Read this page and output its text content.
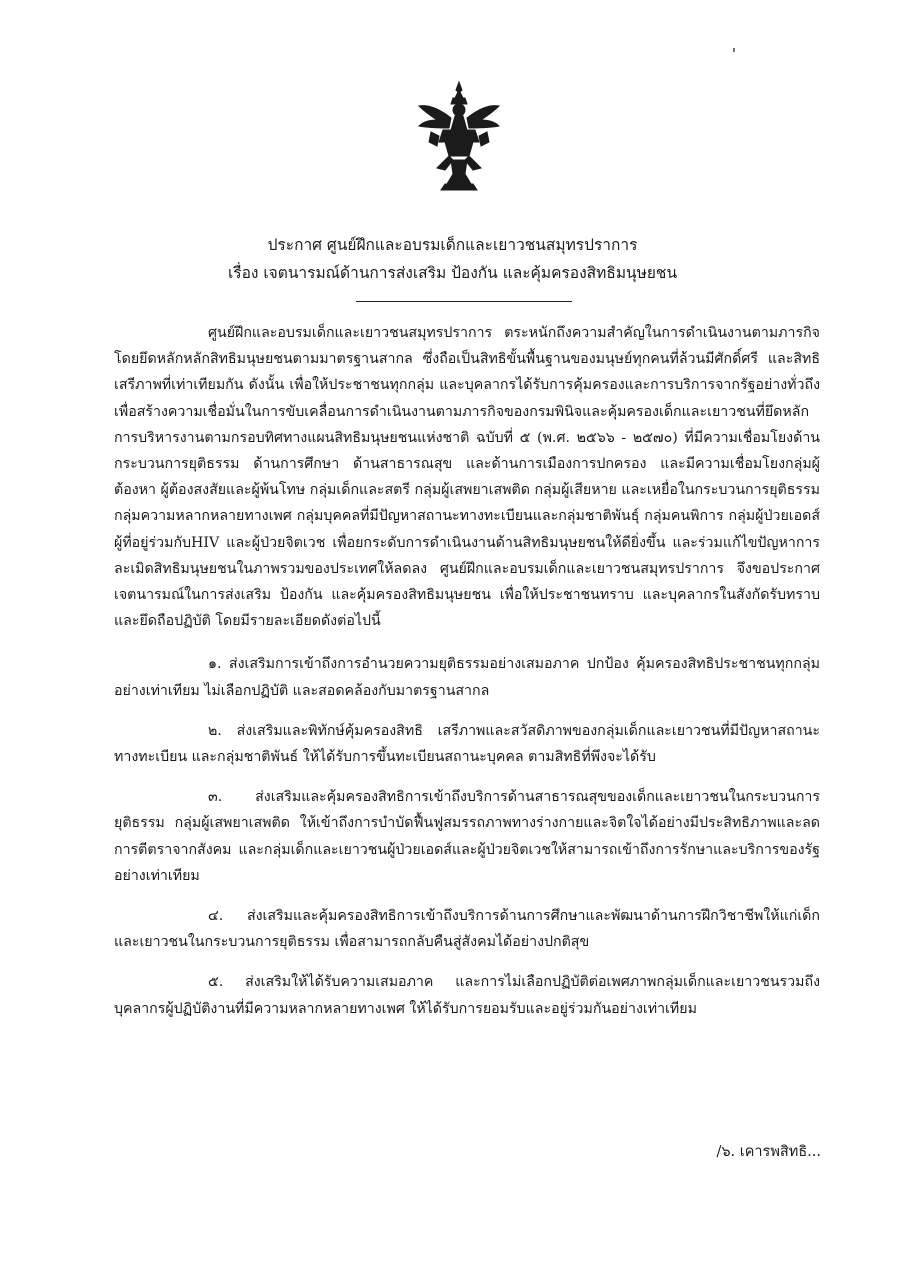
ประกาศ ศูนย์ฝึกและอบรมเด็กและเยาวชนสมุทรปราการ
เรื่อง เจตนารมณ์ด้านการส่งเสริม ป้องกัน และคุ้มครองสิทธิมนุษยชน

ศูนย์ฝึกและอบรมเด็กและเยาวชนสมุทรปราการ ตระหนักถึงความสำคัญในการดำเนินงานตามภารกิจโดยยึดหลักหลักสิทธิมนุษยชนตามมาตรฐานสากล ซึ่งถือเป็นสิทธิขั้นพื้นฐานของมนุษย์ทุกคนที่ล้วนมีศักดิ์ศรี และสิทธิเสรีภาพที่เท่าเทียมกัน ดังนั้น เพื่อให้ประชาชนทุกกลุ่ม และบุคลากรได้รับการคุ้มครองและการบริการจากรัฐอย่างทั่วถึง เพื่อสร้างความเชื่อมั่นในการขับเคลื่อนการดำเนินงานตามภารกิจของกรมพินิจและคุ้มครองเด็กและเยาวชนที่ยึดหลักการบริหารงานตามกรอบทิศทางแผนสิทธิมนุษยชนแห่งชาติ ฉบับที่ ๕ (พ.ศ. ๒๕๖๖ - ๒๕๗๐) ที่มีความเชื่อมโยงด้านกระบวนการยุติธรรม ด้านการศึกษา ด้านสาธารณสุข และด้านการเมืองการปกครอง และมีความเชื่อมโยงกลุ่มผู้ต้องหา ผู้ต้องสงสัยและผู้พ้นโทษ กลุ่มเด็กและสตรี กลุ่มผู้เสพยาเสพติด กลุ่มผู้เสียหาย และเหยื่อในกระบวนการยุติธรรม กลุ่มความหลากหลายทางเพศ กลุ่มบุคคลที่มีปัญหาสถานะทางทะเบียนและกลุ่มชาติพันธุ์ กลุ่มคนพิการ กลุ่มผู้ป่วยเอดส์ ผู้ที่อยู่ร่วมกับHIV และผู้ป่วยจิตเวช เพื่อยกระดับการดำเนินงานด้านสิทธิมนุษยชนให้ดียิ่งขึ้น และร่วมแก้ไขปัญหาการละเมิดสิทธิมนุษยชนในภาพรวมของประเทศให้ลดลง ศูนย์ฝึกและอบรมเด็กและเยาวชนสมุทรปราการ จึงขอประกาศเจตนารมณ์ในการส่งเสริม ป้องกัน และคุ้มครองสิทธิมนุษยชน เพื่อให้ประชาชนทราบ และบุคลากรในสังกัดรับทราบและยึดถือปฏิบัติ โดยมีรายละเอียดดังต่อไปนี้

๑. ส่งเสริมการเข้าถึงการอำนวยความยุติธรรมอย่างเสมอภาค ปกป้อง คุ้มครองสิทธิประชาชนทุกกลุ่มอย่างเท่าเทียม ไม่เลือกปฏิบัติ และสอดคล้องกับมาตรฐานสากล

๒. ส่งเสริมและพิทักษ์คุ้มครองสิทธิ เสรีภาพและสวัสดิภาพของกลุ่มเด็กและเยาวชนที่มีปัญหาสถานะทางทะเบียน และกลุ่มชาติพันธ์ ให้ได้รับการขึ้นทะเบียนสถานะบุคคล ตามสิทธิที่พึงจะได้รับ

๓. ส่งเสริมและคุ้มครองสิทธิการเข้าถึงบริการด้านสาธารณสุขของเด็กและเยาวชนในกระบวนการยุติธรรม กลุ่มผู้เสพยาเสพติด ให้เข้าถึงการบำบัดฟื้นฟูสมรรถภาพทางร่างกายและจิตใจได้อย่างมีประสิทธิภาพและลดการตีตราจากสังคม และกลุ่มเด็กและเยาวชนผู้ป่วยเอดส์และผู้ป่วยจิตเวชให้สามารถเข้าถึงการรักษาและบริการของรัฐอย่างเท่าเทียม

๔. ส่งเสริมและคุ้มครองสิทธิการเข้าถึงบริการด้านการศึกษาและพัฒนาด้านการฝึกวิชาชีพให้แก่เด็กและเยาวชนในกระบวนการยุติธรรม เพื่อสามารถกลับคืนสู่สังคมได้อย่างปกติสุข

๕. ส่งเสริมให้ได้รับความเสมอภาค และการไม่เลือกปฏิบัติต่อเพศภาพกลุ่มเด็กและเยาวชนรวมถึงบุคลากรผู้ปฏิบัติงานที่มีความหลากหลายทางเพศ ให้ได้รับการยอมรับและอยู่ร่วมกันอย่างเท่าเทียม

/๖. เคารพสิทธิ...
